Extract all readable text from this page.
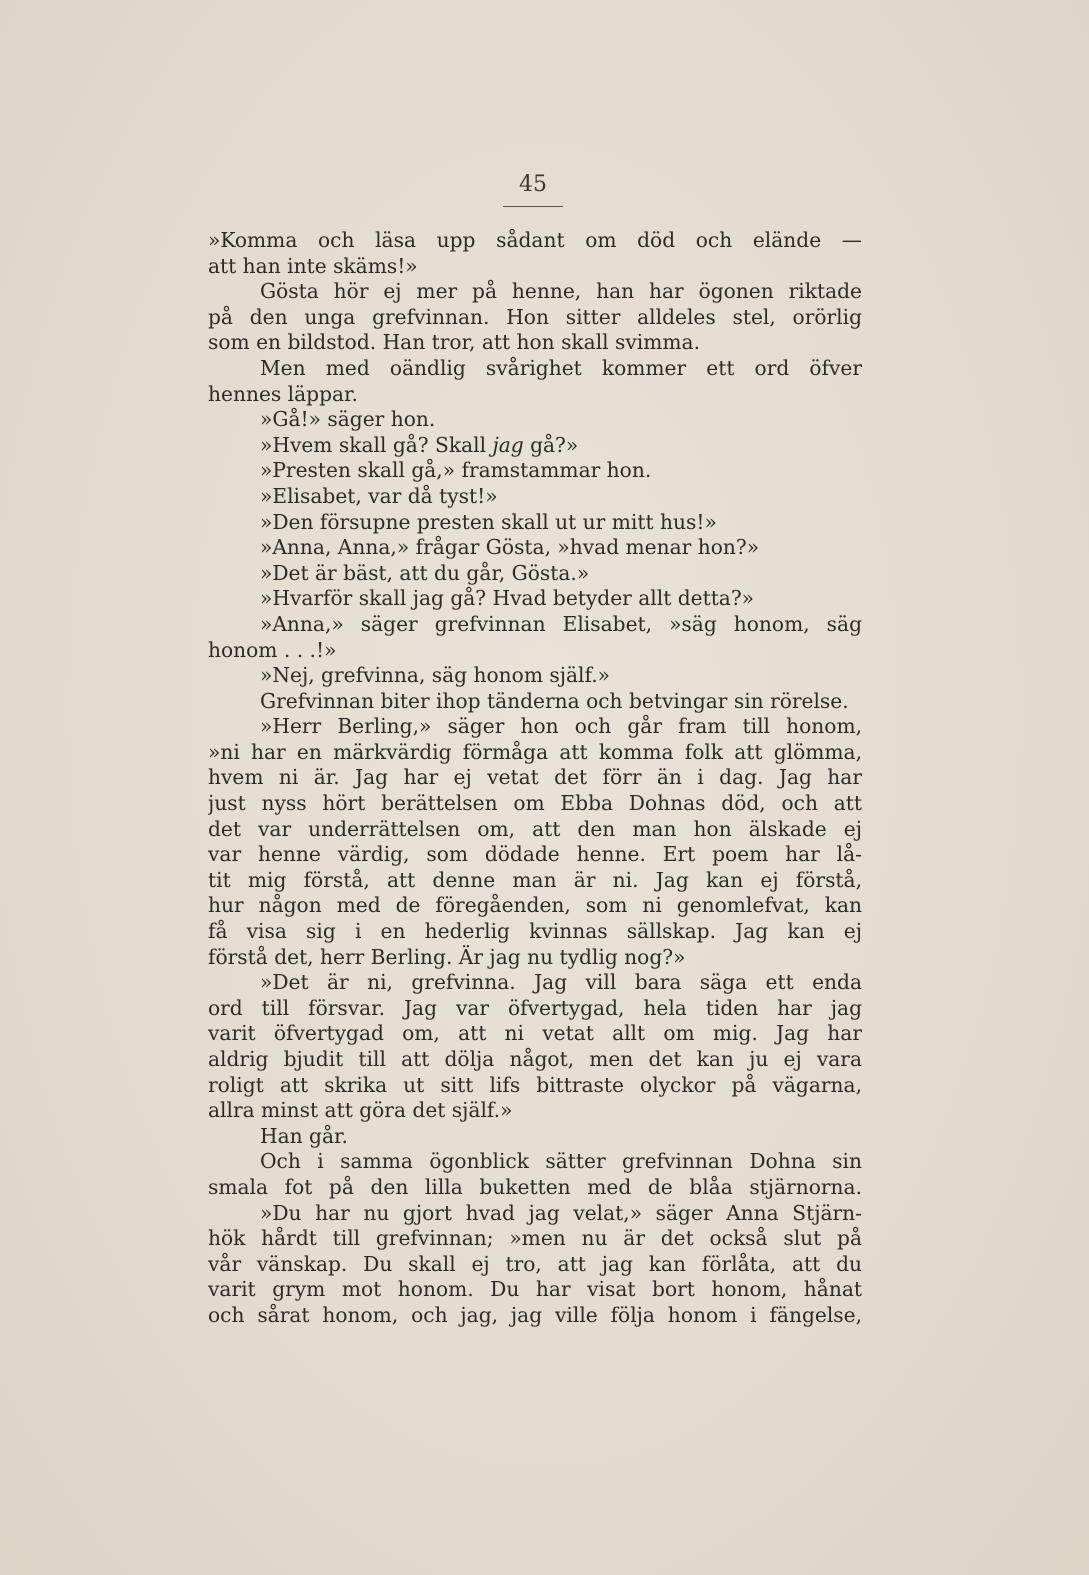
45
»Komma och läsa upp sådant om död och elände —
att han inte skäms!»
Gösta hör ej mer på henne, han har ögonen riktade
på den unga grefvinnan. Hon sitter alldeles stel, orörlig
som en bildstod. Han tror, att hon skall svimma.
Men med oändlig svårighet kommer ett ord öfver
hennes läppar.
»Gå!» säger hon.
»Hvem skall gå? Skall jag gå?»
»Presten skall gå,» framstammar hon.
»Elisabet, var då tyst!»
»Den försupne presten skall ut ur mitt hus!»
»Anna, Anna,» frågar Gösta, »hvad menar hon?»
»Det är bäst, att du går, Gösta.»
»Hvarför skall jag gå? Hvad betyder allt detta?»
»Anna,» säger grefvinnan Elisabet, »säg honom, säg
honom . . .!»
»Nej, grefvinna, säg honom själf.»
Grefvinnan biter ihop tänderna och betvingar sin rörelse.
»Herr Berling,» säger hon och går fram till honom,
»ni har en märkvärdig förmåga att komma folk att glömma,
hvem ni är. Jag har ej vetat det förr än i dag. Jag har
just nyss hört berättelsen om Ebba Dohnas död, och att
det var underrättelsen om, att den man hon älskade ej
var henne värdig, som dödade henne. Ert poem har lå-
tit mig förstå, att denne man är ni. Jag kan ej förstå,
hur någon med de föregåenden, som ni genomlefvat, kan
få visa sig i en hederlig kvinnas sällskap. Jag kan ej
förstå det, herr Berling. Är jag nu tydlig nog?»
»Det är ni, grefvinna. Jag vill bara säga ett enda
ord till försvar. Jag var öfvertygad, hela tiden har jag
varit öfvertygad om, att ni vetat allt om mig. Jag har
aldrig bjudit till att dölja något, men det kan ju ej vara
roligt att skrika ut sitt lifs bittraste olyckor på vägarna,
allra minst att göra det själf.»
Han går.
Och i samma ögonblick sätter grefvinnan Dohna sin
smala fot på den lilla buketten med de blåa stjärnorna.
»Du har nu gjort hvad jag velat,» säger Anna Stjärn-
hök hårdt till grefvinnan; »men nu är det också slut på
vår vänskap. Du skall ej tro, att jag kan förlåta, att du
varit grym mot honom. Du har visat bort honom, hånat
och sårat honom, och jag, jag ville följa honom i fängelse,
